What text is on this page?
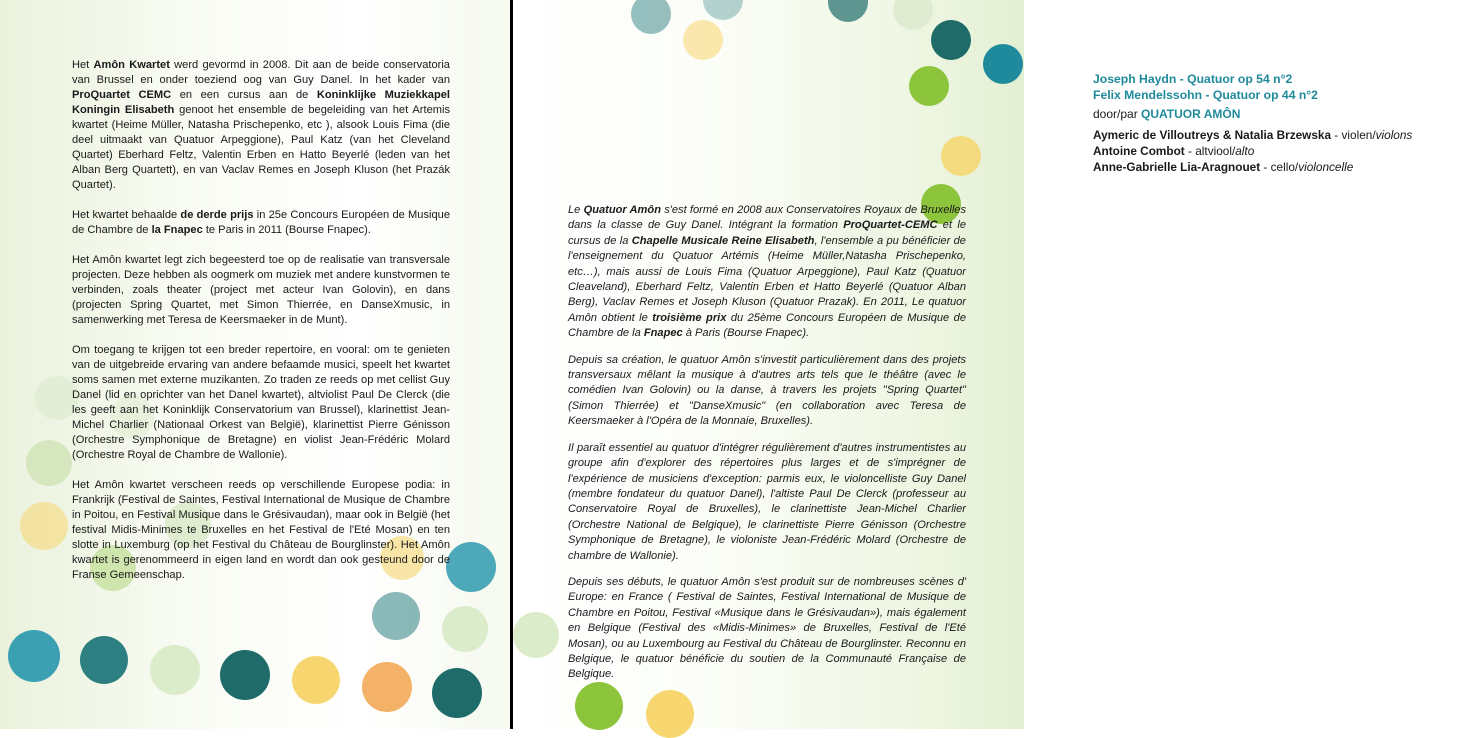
Het Amôn Kwartet werd gevormd in 2008. Dit aan de beide conservatoria van Brussel en onder toeziend oog van Guy Danel. In het kader van ProQuartet CEMC en een cursus aan de Koninklijke Muziekkapel Koningin Elisabeth genoot het ensemble de begeleiding van het Artemis kwartet (Heime Müller, Natasha Prischepenko, etc ), alsook Louis Fima (die deel uitmaakt van Quatuor Arpeggione), Paul Katz (van het Cleveland Quartet) Eberhard Feltz, Valentin Erben en Hatto Beyerlé (leden van het Alban Berg Quartett), en van Vaclav Remes en Joseph Kluson (het Prazák Quartet).

Het kwartet behaalde de derde prijs in 25e Concours Européen de Musique de Chambre de la Fnapec te Paris in 2011 (Bourse Fnapec).

Het Amôn kwartet legt zich begeesterd toe op de realisatie van transversale projecten. Deze hebben als oogmerk om muziek met andere kunstvormen te verbinden, zoals theater (project met acteur Ivan Golovin), en dans (projecten Spring Quartet, met Simon Thierrée, en DanseXmusic, in samenwerking met Teresa de Keersmaeker in de Munt).

Om toegang te krijgen tot een breder repertoire, en vooral: om te genieten van de uitgebreide ervaring van andere befaamde musici, speelt het kwartet soms samen met externe muzikanten. Zo traden ze reeds op met cellist Guy Danel (lid en oprichter van het Danel kwartet), altviolist Paul De Clerck (die les geeft aan het Koninklijk Conservatorium van Brussel), klarinettist Jean-Michel Charlier (Nationaal Orkest van België), klarinettist Pierre Génisson (Orchestre Symphonique de Bretagne) en violist Jean-Frédéric Molard (Orchestre Royal de Chambre de Wallonie).

Het Amôn kwartet verscheen reeds op verschillende Europese podia: in Frankrijk (Festival de Saintes, Festival International de Musique de Chambre in Poitou, en Festival Musique dans le Grésivaudan), maar ook in België (het festival Midis-Minimes te Bruxelles en het Festival de l'Eté Mosan) en ten slotte in Luxemburg (op het Festival du Château de Bourglinster). Het Amôn kwartet is gerenommeerd in eigen land en wordt dan ook gesteund door de Franse Gemeenschap.

Joseph Haydn - Quatuor op 54 n°2
Felix Mendelssohn - Quatuor op 44 n°2
door/par QUATUOR AMÔN
Aymeric de Villoutreys & Natalia Brzewska - violen/violons
Antoine Combot - altviool/alto
Anne-Gabrielle Lia-Aragnouet - cello/violoncelle

Le Quatuor Amôn s'est formé en 2008 aux Conservatoires Royaux de Bruxelles dans la classe de Guy Danel. Intégrant la formation ProQuartet-CEMC et le cursus de la Chapelle Musicale Reine Elisabeth, l'ensemble a pu bénéficier de l'enseignement du Quatuor Artémis (Heime Müller,Natasha Prischepenko, etc…), mais aussi de Louis Fima (Quatuor Arpeggione), Paul Katz (Quatuor Cleaveland), Eberhard Feltz, Valentin Erben et Hatto Beyerlé (Quatuor Alban Berg), Vaclav Remes et Joseph Kluson (Quatuor Prazak). En 2011, Le quatuor Amôn obtient le troisième prix du 25ème Concours Européen de Musique de Chambre de la Fnapec à Paris (Bourse Fnapec).

Depuis sa création, le quatuor Amôn s'investit particulièrement dans des projets transversaux mêlant la musique à d'autres arts tels que le théâtre (avec le comédien Ivan Golovin) ou la danse, à travers les projets "Spring Quartet" (Simon Thierrée) et "DanseXmusic" (en collaboration avec Teresa de Keersmaeker à l'Opéra de la Monnaie, Bruxelles).

Il paraît essentiel au quatuor d'intégrer régulièrement d'autres instrumentistes au groupe afin d'explorer des répertoires plus larges et de s'imprégner de l'expérience de musiciens d'exception: parmis eux, le violoncelliste Guy Danel (membre fondateur du quatuor Danel), l'altiste Paul De Clerck (professeur au Conservatoire Royal de Bruxelles), le clarinettiste Jean-Michel Charlier (Orchestre National de Belgique), le clarinettiste Pierre Génisson (Orchestre Symphonique de Bretagne), le violoniste Jean-Frédéric Molard (Orchestre de chambre de Wallonie).

Depuis ses débuts, le quatuor Amôn s'est produit sur de nombreuses scènes d' Europe: en France ( Festival de Saintes, Festival International de Musique de Chambre en Poitou, Festival «Musique dans le Grésivaudan»), mais également en Belgique (Festival des «Midis-Minimes» de Bruxelles, Festival de l'Eté Mosan), ou au Luxembourg au Festival du Château de Bourglinster. Reconnu en Belgique, le quatuor bénéficie du soutien de la Communauté Française de Belgique.
